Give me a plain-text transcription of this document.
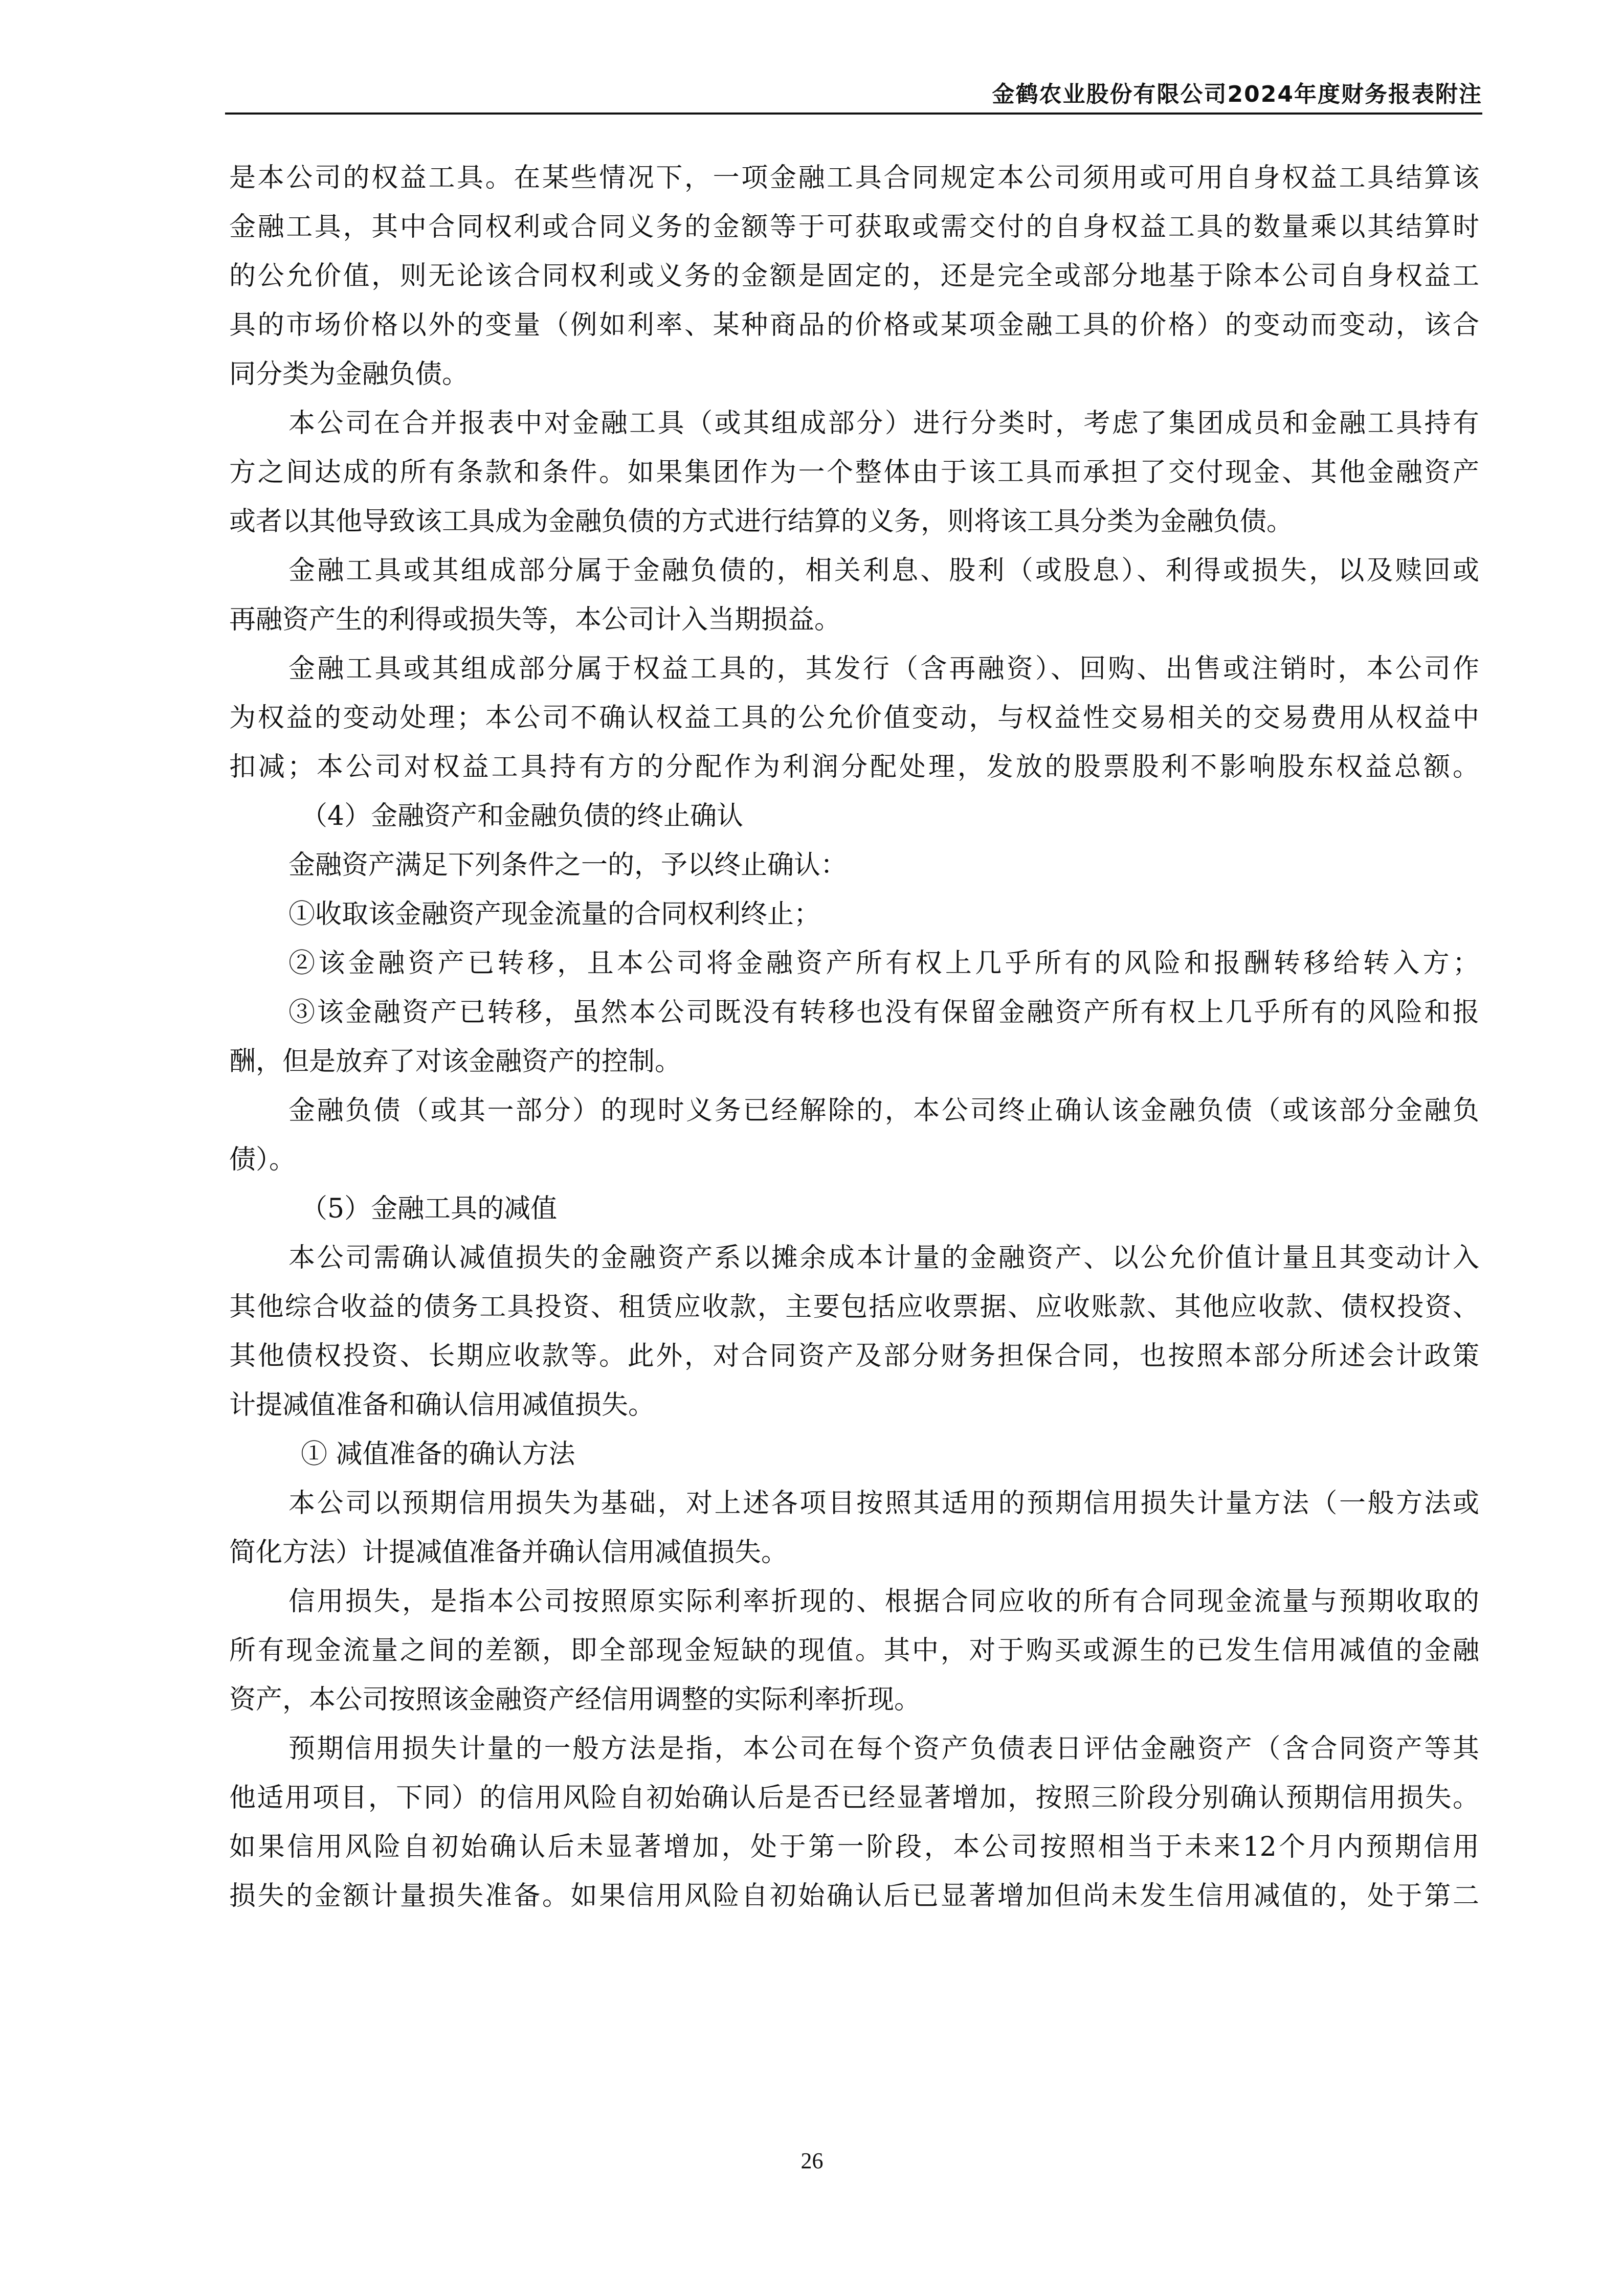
金鹤农业股份有限公司2024年度财务报表附注
是本公司的权益工具。在某些情况下，一项金融工具合同规定本公司须用或可用自身权益工具结算该
金融工具，其中合同权利或合同义务的金额等于可获取或需交付的自身权益工具的数量乘以其结算时
的公允价值，则无论该合同权利或义务的金额是固定的，还是完全或部分地基于除本公司自身权益工
具的市场价格以外的变量（例如利率、某种商品的价格或某项金融工具的价格）的变动而变动，该合
同分类为金融负债。
本公司在合并报表中对金融工具（或其组成部分）进行分类时，考虑了集团成员和金融工具持有
方之间达成的所有条款和条件。如果集团作为一个整体由于该工具而承担了交付现金、其他金融资产
或者以其他导致该工具成为金融负债的方式进行结算的义务，则将该工具分类为金融负债。
金融工具或其组成部分属于金融负债的，相关利息、股利（或股息）、利得或损失，以及赎回或
再融资产生的利得或损失等，本公司计入当期损益。
金融工具或其组成部分属于权益工具的，其发行（含再融资）、回购、出售或注销时，本公司作
为权益的变动处理；本公司不确认权益工具的公允价值变动，与权益性交易相关的交易费用从权益中
扣减；本公司对权益工具持有方的分配作为利润分配处理，发放的股票股利不影响股东权益总额。
（4）金融资产和金融负债的终止确认
金融资产满足下列条件之一的，予以终止确认：
①收取该金融资产现金流量的合同权利终止；
②该金融资产已转移，且本公司将金融资产所有权上几乎所有的风险和报酬转移给转入方；
③该金融资产已转移，虽然本公司既没有转移也没有保留金融资产所有权上几乎所有的风险和报
酬，但是放弃了对该金融资产的控制。
金融负债（或其一部分）的现时义务已经解除的，本公司终止确认该金融负债（或该部分金融负
债）。
（5）金融工具的减值
本公司需确认减值损失的金融资产系以摊余成本计量的金融资产、以公允价值计量且其变动计入
其他综合收益的债务工具投资、租赁应收款，主要包括应收票据、应收账款、其他应收款、债权投资、
其他债权投资、长期应收款等。此外，对合同资产及部分财务担保合同，也按照本部分所述会计政策
计提减值准备和确认信用减值损失。
① 减值准备的确认方法
本公司以预期信用损失为基础，对上述各项目按照其适用的预期信用损失计量方法（一般方法或
简化方法）计提减值准备并确认信用减值损失。
信用损失，是指本公司按照原实际利率折现的、根据合同应收的所有合同现金流量与预期收取的
所有现金流量之间的差额，即全部现金短缺的现值。其中，对于购买或源生的已发生信用减值的金融
资产，本公司按照该金融资产经信用调整的实际利率折现。
预期信用损失计量的一般方法是指，本公司在每个资产负债表日评估金融资产（含合同资产等其
他适用项目，下同）的信用风险自初始确认后是否已经显著增加，按照三阶段分别确认预期信用损失。
如果信用风险自初始确认后未显著增加，处于第一阶段，本公司按照相当于未来12个月内预期信用
损失的金额计量损失准备。如果信用风险自初始确认后已显著增加但尚未发生信用减值的，处于第二
26
